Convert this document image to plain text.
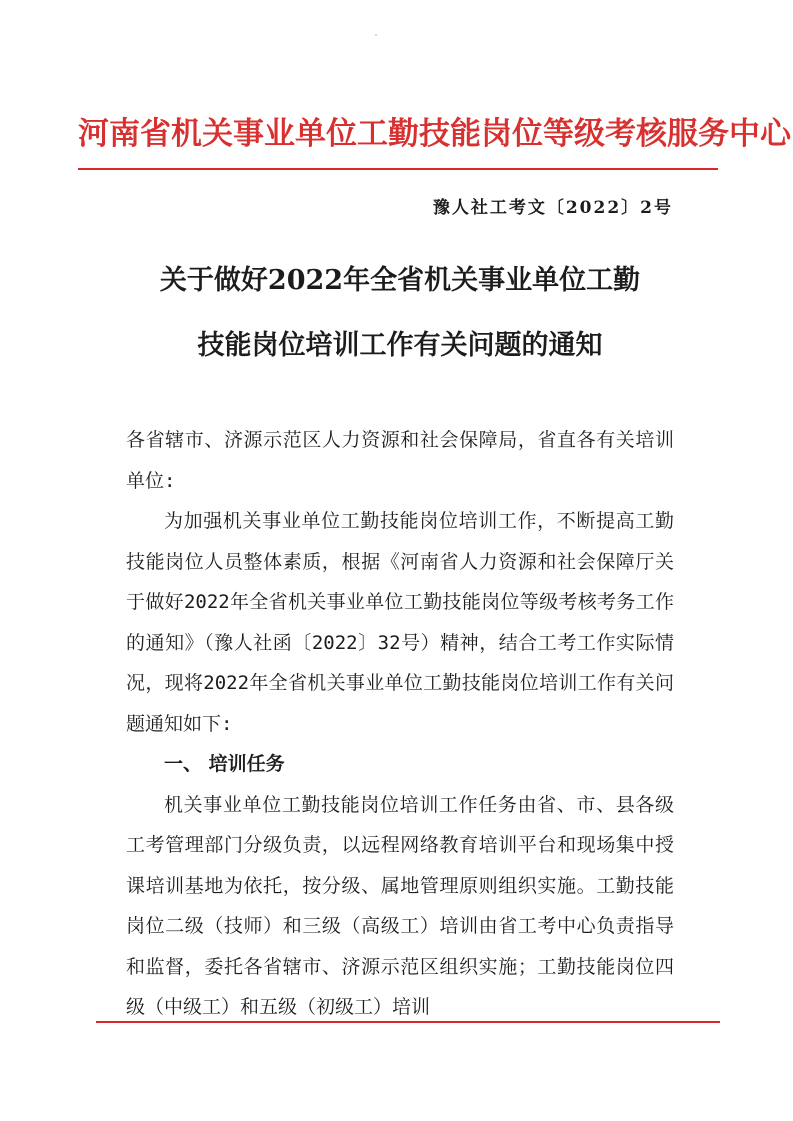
河南省机关事业单位工勤技能岗位等级考核服务中心
豫人社工考文〔2022〕2号
关于做好2022年全省机关事业单位工勤
技能岗位培训工作有关问题的通知

各省辖市、济源示范区人力资源和社会保障局，省直各有关培训单位:

为加强机关事业单位工勤技能岗位培训工作，不断提高工勤技能岗位人员整体素质，根据《河南省人力资源和社会保障厅关于做好2022年全省机关事业单位工勤技能岗位等级考核考务工作的通知》（豫人社函〔2022〕32号）精神，结合工考工作实际情况，现将2022年全省机关事业单位工勤技能岗位培训工作有关问题通知如下:

一、 培训任务

机关事业单位工勤技能岗位培训工作任务由省、市、县各级工考管理部门分级负责，以远程网络教育培训平台和现场集中授课培训基地为依托，按分级、属地管理原则组织实施。工勤技能岗位二级（技师）和三级（高级工）培训由省工考中心负责指导和监督，委托各省辖市、济源示范区组织实施；工勤技能岗位四级（中级工）和五级（初级工）培训
